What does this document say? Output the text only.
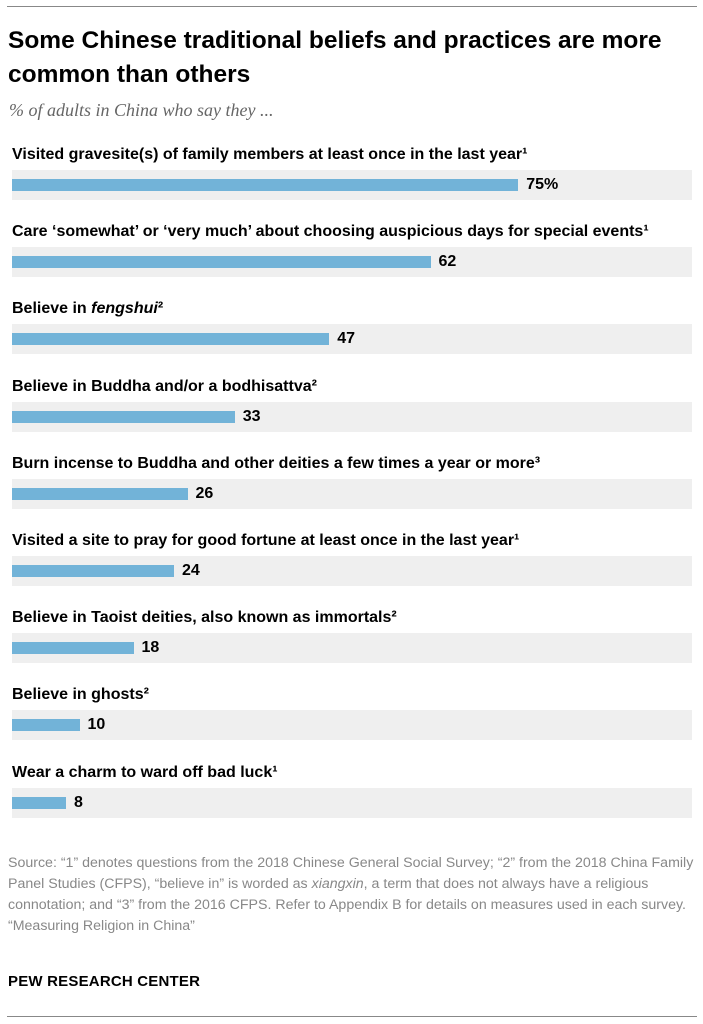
Some Chinese traditional beliefs and practices are more common than others
% of adults in China who say they ...
Visited gravesite(s) of family members at least once in the last year¹
75%
Care ‘somewhat’ or ‘very much’ about choosing auspicious days for special events¹
62
Believe in fengshui²
47
Believe in Buddha and/or a bodhisattva²
33
Burn incense to Buddha and other deities a few times a year or more³
26
Visited a site to pray for good fortune at least once in the last year¹
24
Believe in Taoist deities, also known as immortals²
18
Believe in ghosts²
10
Wear a charm to ward off bad luck¹
8

Source: “1” denotes questions from the 2018 Chinese General Social Survey; “2” from the 2018 China Family Panel Studies (CFPS), “believe in” is worded as xiangxin, a term that does not always have a religious connotation; and “3” from the 2016 CFPS. Refer to Appendix B for details on measures used in each survey.
“Measuring Religion in China”

PEW RESEARCH CENTER
